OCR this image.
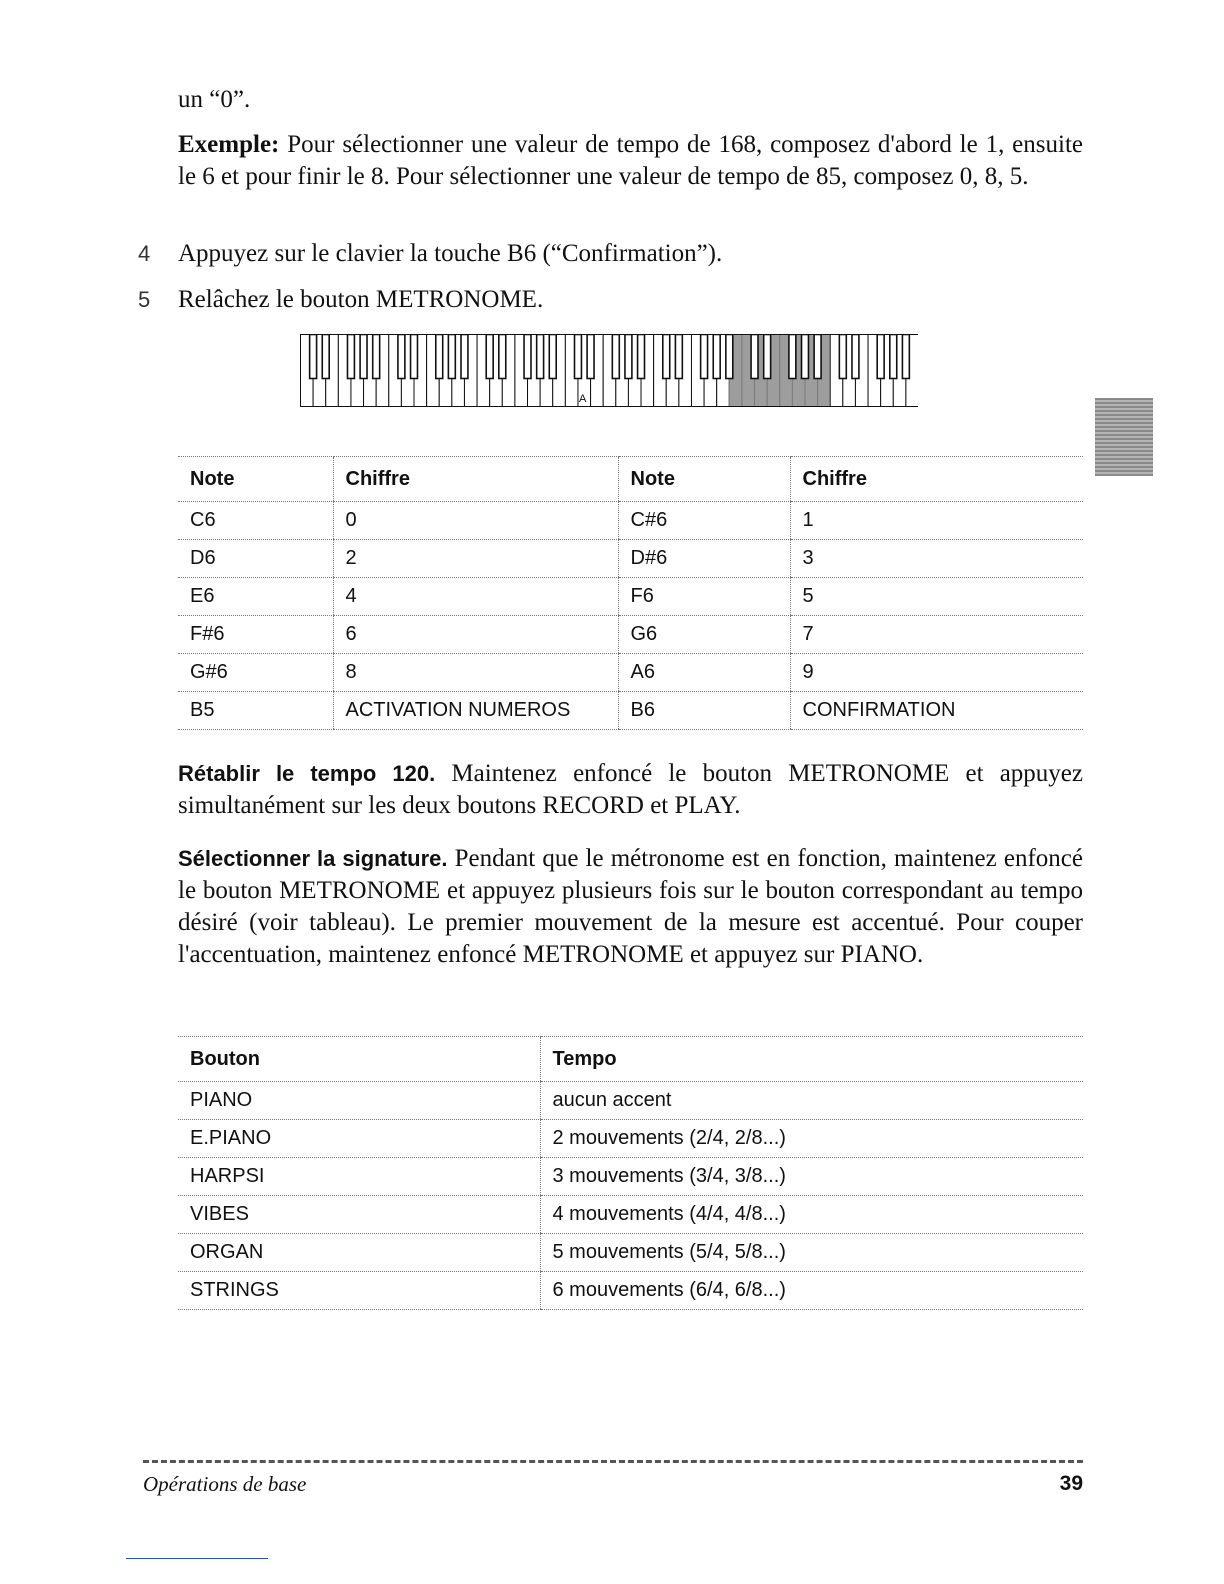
un “0”.
Exemple: Pour sélectionner une valeur de tempo de 168, composez d'abord le 1, ensuite le 6 et pour finir le 8. Pour sélectionner une valeur de tempo de 85, composez 0, 8, 5.
4	Appuyez sur le clavier la touche B6 (“Confirmation”).
5	Relâchez le bouton METRONOME.
A
Note	Chiffre	Note	Chiffre
C6	0	C#6	1
D6	2	D#6	3
E6	4	F6	5
F#6	6	G6	7
G#6	8	A6	9
B5	ACTIVATION NUMEROS	B6	CONFIRMATION
Rétablir le tempo 120. Maintenez enfoncé le bouton METRONOME et appuyez simultanément sur les deux boutons RECORD et PLAY.
Sélectionner la signature. Pendant que le métronome est en fonction, maintenez enfoncé le bouton METRONOME et appuyez plusieurs fois sur le bouton correspondant au tempo désiré (voir tableau). Le premier mouvement de la mesure est accentué. Pour couper l'accentuation, maintenez enfoncé METRONOME et appuyez sur PIANO.
Bouton	Tempo
PIANO	aucun accent
E.PIANO	2 mouvements (2/4, 2/8...)
HARPSI	3 mouvements (3/4, 3/8...)
VIBES	4 mouvements (4/4, 4/8...)
ORGAN	5 mouvements (5/4, 5/8...)
STRINGS	6 mouvements (6/4, 6/8...)
Opérations de base	39
